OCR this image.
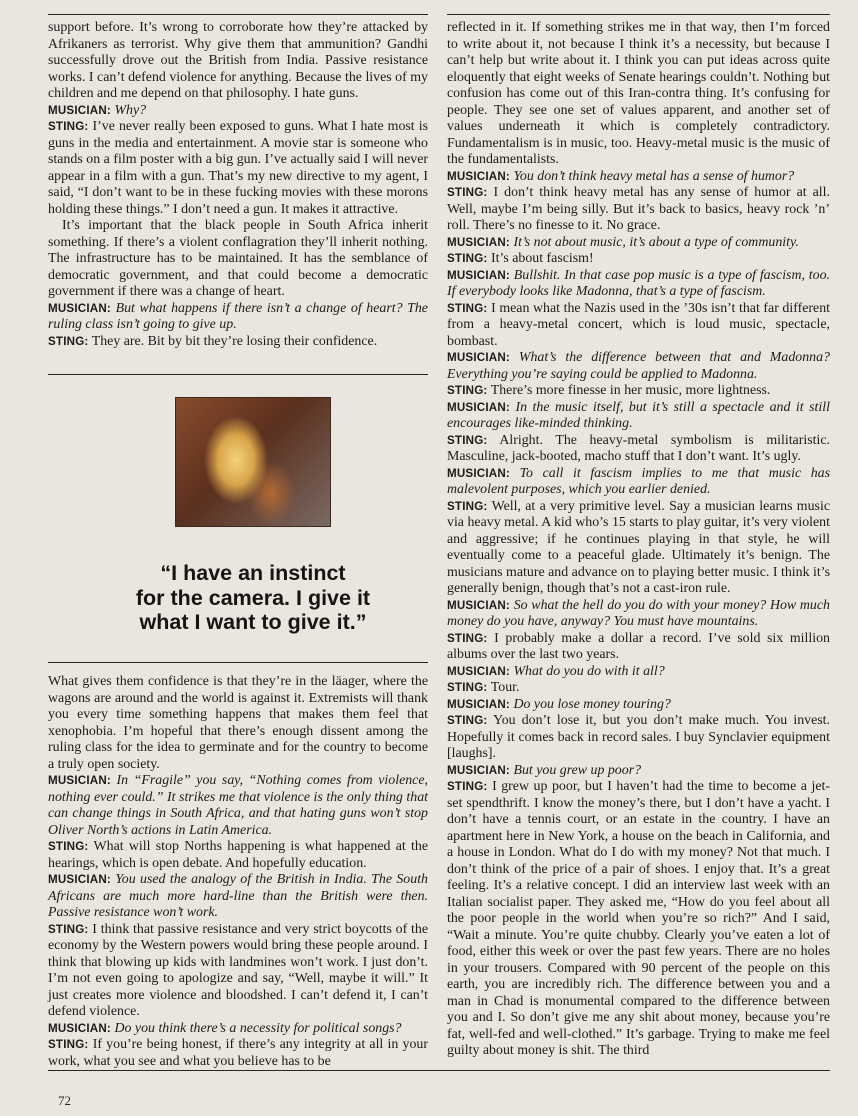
support before. It’s wrong to corroborate how they’re attacked by Afrikaners as terrorist. Why give them that ammunition? Gandhi successfully drove out the British from India. Passive resistance works. I can’t defend violence for anything. Because the lives of my children and me depend on that philosophy. I hate guns.

MUSICIAN: Why?

STING: I’ve never really been exposed to guns. What I hate most is guns in the media and entertainment. A movie star is someone who stands on a film poster with a big gun. I’ve actually said I will never appear in a film with a gun. That’s my new directive to my agent, I said, “I don’t want to be in these fucking movies with these morons holding these things.” I don’t need a gun. It makes it attractive.

It’s important that the black people in South Africa inherit something. If there’s a violent conflagration they’ll inherit nothing. The infrastructure has to be maintained. It has the semblance of democratic government, and that could become a democratic government if there was a change of heart.

MUSICIAN: But what happens if there isn’t a change of heart? The ruling class isn’t going to give up.

STING: They are. Bit by bit they’re losing their confidence.

“I have an instinct
for the camera. I give it
what I want to give it.”

What gives them confidence is that they’re in the läager, where the wagons are around and the world is against it. Extremists will thank you every time something happens that makes them feel that xenophobia. I’m hopeful that there’s enough dissent among the ruling class for the idea to germinate and for the country to become a truly open society.

MUSICIAN: In “Fragile” you say, “Nothing comes from violence, nothing ever could.” It strikes me that violence is the only thing that can change things in South Africa, and that hating guns won’t stop Oliver North’s actions in Latin America.

STING: What will stop Norths happening is what happened at the hearings, which is open debate. And hopefully education.

MUSICIAN: You used the analogy of the British in India. The South Africans are much more hard-line than the British were then. Passive resistance won’t work.

STING: I think that passive resistance and very strict boycotts of the economy by the Western powers would bring these people around. I think that blowing up kids with landmines won’t work. I just don’t. I’m not even going to apologize and say, “Well, maybe it will.” It just creates more violence and bloodshed. I can’t defend it, I can’t defend violence.

MUSICIAN: Do you think there’s a necessity for political songs?

STING: If you’re being honest, if there’s any integrity at all in your work, what you see and what you believe has to be

reflected in it. If something strikes me in that way, then I’m forced to write about it, not because I think it’s a necessity, but because I can’t help but write about it. I think you can put ideas across quite eloquently that eight weeks of Senate hearings couldn’t. Nothing but confusion has come out of this Iran-contra thing. It’s confusing for people. They see one set of values apparent, and another set of values underneath it which is completely contradictory. Fundamentalism is in music, too. Heavy-metal music is the music of the fundamentalists.

MUSICIAN: You don’t think heavy metal has a sense of humor?

STING: I don’t think heavy metal has any sense of humor at all. Well, maybe I’m being silly. But it’s back to basics, heavy rock ’n’ roll. There’s no finesse to it. No grace.

MUSICIAN: It’s not about music, it’s about a type of community.

STING: It’s about fascism!

MUSICIAN: Bullshit. In that case pop music is a type of fascism, too. If everybody looks like Madonna, that’s a type of fascism.

STING: I mean what the Nazis used in the ’30s isn’t that far different from a heavy-metal concert, which is loud music, spectacle, bombast.

MUSICIAN: What’s the difference between that and Madonna? Everything you’re saying could be applied to Madonna.

STING: There’s more finesse in her music, more lightness.

MUSICIAN: In the music itself, but it’s still a spectacle and it still encourages like-minded thinking.

STING: Alright. The heavy-metal symbolism is militaristic. Masculine, jack-booted, macho stuff that I don’t want. It’s ugly.

MUSICIAN: To call it fascism implies to me that music has malevolent purposes, which you earlier denied.

STING: Well, at a very primitive level. Say a musician learns music via heavy metal. A kid who’s 15 starts to play guitar, it’s very violent and aggressive; if he continues playing in that style, he will eventually come to a peaceful glade. Ultimately it’s benign. The musicians mature and advance on to playing better music. I think it’s generally benign, though that’s not a cast-iron rule.

MUSICIAN: So what the hell do you do with your money? How much money do you have, anyway? You must have mountains.

STING: I probably make a dollar a record. I’ve sold six million albums over the last two years.

MUSICIAN: What do you do with it all?

STING: Tour.

MUSICIAN: Do you lose money touring?

STING: You don’t lose it, but you don’t make much. You invest. Hopefully it comes back in record sales. I buy Synclavier equipment [laughs].

MUSICIAN: But you grew up poor?

STING: I grew up poor, but I haven’t had the time to become a jet-set spendthrift. I know the money’s there, but I don’t have a yacht. I don’t have a tennis court, or an estate in the country. I have an apartment here in New York, a house on the beach in California, and a house in London. What do I do with my money? Not that much. I don’t think of the price of a pair of shoes. I enjoy that. It’s a great feeling. It’s a relative concept. I did an interview last week with an Italian socialist paper. They asked me, “How do you feel about all the poor people in the world when you’re so rich?” And I said, “Wait a minute. You’re quite chubby. Clearly you’ve eaten a lot of food, either this week or over the past few years. There are no holes in your trousers. Compared with 90 percent of the people on this earth, you are incredibly rich. The difference between you and a man in Chad is monumental compared to the difference between you and I. So don’t give me any shit about money, because you’re fat, well-fed and well-clothed.” It’s garbage. Trying to make me feel guilty about money is shit. The third

72
